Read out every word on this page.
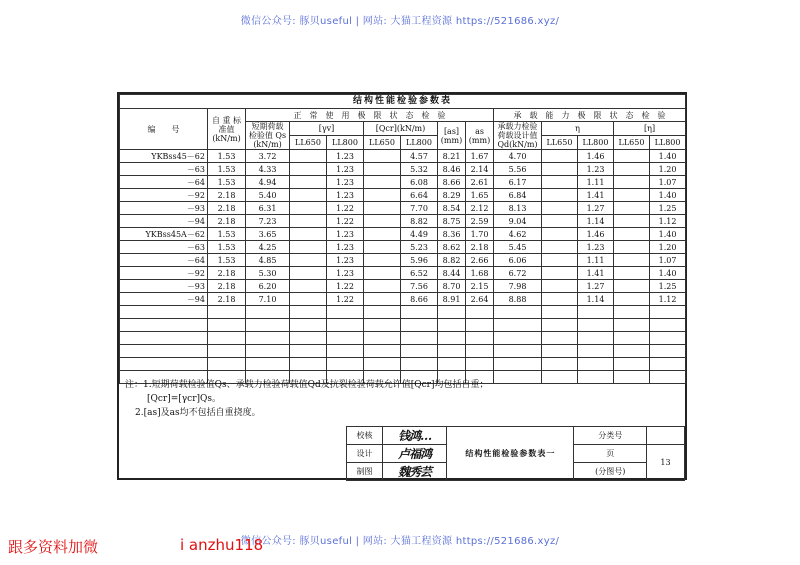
微信公众号: 豚贝useful | 网站: 大猫工程资源 https://521686.xyz/
结构性能检验参数表													
编　　号	自 重 标准值 (kN/m)	正　常　使　用　极　限　状　态　检　验							承　载　能　力　极　限　状　态　检　验				
		短期荷载 检验值 Qs (kN/m)	[γv]		[Qcr](kN/m)		[as] (mm)	as (mm)	承载力检验 荷载设计值 Qd(kN/m)	η		[η]	
			LL650	LL800	LL650	LL800				LL650	LL800	LL650	LL800
YKBss45－62	1.53	3.72		1.23		4.57	8.21	1.67	4.70		1.46		1.40
－63	1.53	4.33		1.23		5.32	8.46	2.14	5.56		1.23		1.20
－64	1.53	4.94		1.23		6.08	8.66	2.61	6.17		1.11		1.07
－92	2.18	5.40		1.23		6.64	8.29	1.65	6.84		1.41		1.40
－93	2.18	6.31		1.22		7.70	8.54	2.12	8.13		1.27		1.25
－94	2.18	7.23		1.22		8.82	8.75	2.59	9.04		1.14		1.12
YKBss45A－62	1.53	3.65		1.23		4.49	8.36	1.70	4.62		1.46		1.40
－63	1.53	4.25		1.23		5.23	8.62	2.18	5.45		1.23		1.20
－64	1.53	4.85		1.23		5.96	8.82	2.66	6.06		1.11		1.07
－92	2.18	5.30		1.23		6.52	8.44	1.68	6.72		1.41		1.40
－93	2.18	6.20		1.22		7.56	8.70	2.15	7.98		1.27		1.25
－94	2.18	7.10		1.22		8.66	8.91	2.64	8.88		1.14		1.12

注：1.短期荷载检验值Qs、承载力检验荷载值Qd及抗裂检验荷载允许值[Qcr]均包括自重；
[Qcr]=[γcr]Qs。
2.[as]及as均不包括自重挠度。
校核	钱鸿…	结构性能检验参数表一	分类号	
设计	卢福鸿		页	13
制图	魏秀芸		(分图号)	
微信公众号: 豚贝useful | 网站: 大猫工程资源 https://521686.xyz/
跟多资料加微	i anzhu118
